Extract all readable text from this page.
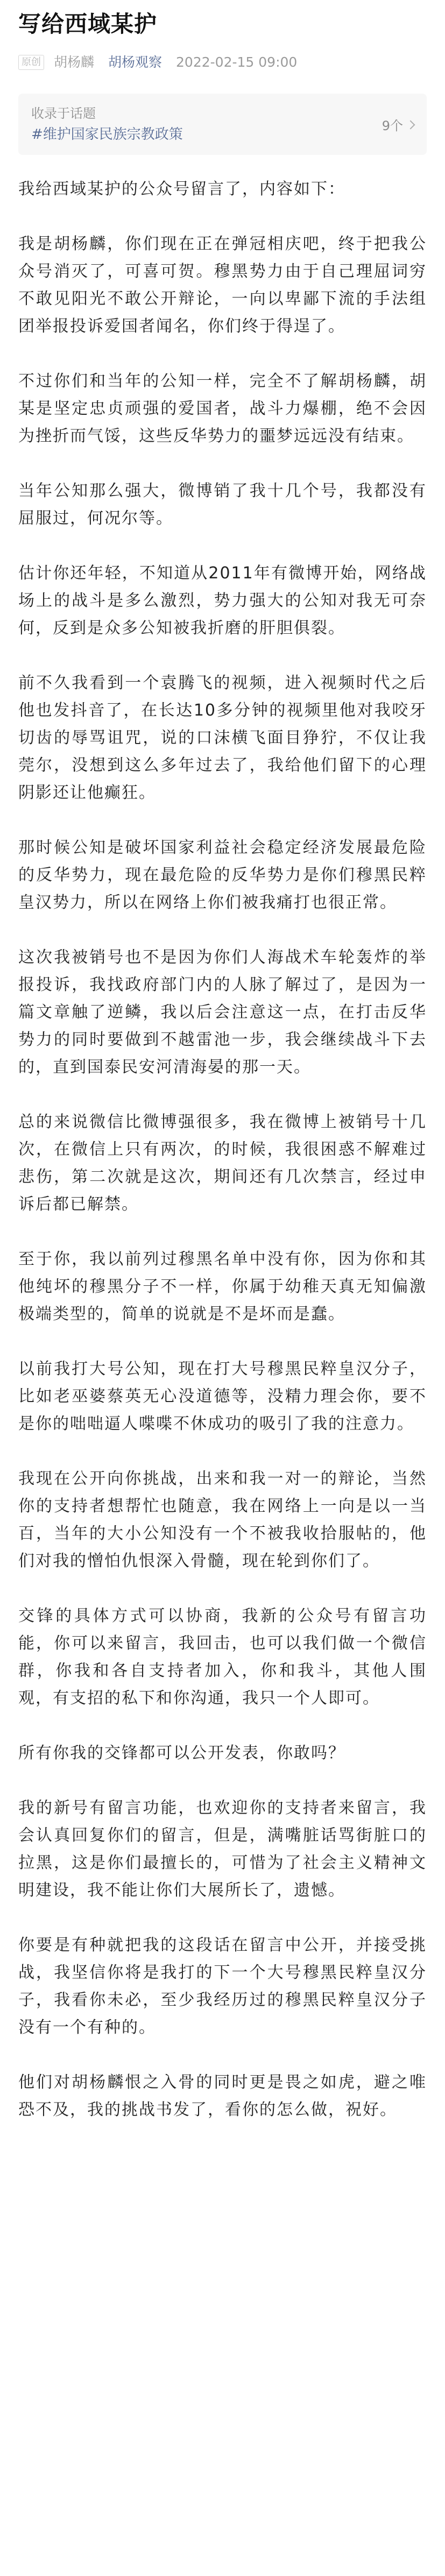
写给西域某护
原创 胡杨麟 胡杨观察 2022-02-15 09:00
收录于话题
#维护国家民族宗教政策
9个

我给西域某护的公众号留言了，内容如下：

我是胡杨麟，你们现在正在弹冠相庆吧，终于把我公众号消灭了，可喜可贺。穆黑势力由于自己理屈词穷不敢见阳光不敢公开辩论，一向以卑鄙下流的手法组团举报投诉爱国者闻名，你们终于得逞了。

不过你们和当年的公知一样，完全不了解胡杨麟，胡某是坚定忠贞顽强的爱国者，战斗力爆棚，绝不会因为挫折而气馁，这些反华势力的噩梦远远没有结束。

当年公知那么强大，微博销了我十几个号，我都没有屈服过，何况尔等。

估计你还年轻，不知道从2011年有微博开始，网络战场上的战斗是多么激烈，势力强大的公知对我无可奈何，反到是众多公知被我折磨的肝胆俱裂。

前不久我看到一个袁腾飞的视频，进入视频时代之后他也发抖音了，在长达10多分钟的视频里他对我咬牙切齿的辱骂诅咒，说的口沫横飞面目狰狞，不仅让我莞尔，没想到这么多年过去了，我给他们留下的心理阴影还让他癫狂。

那时候公知是破坏国家利益社会稳定经济发展最危险的反华势力，现在最危险的反华势力是你们穆黑民粹皇汉势力，所以在网络上你们被我痛打也很正常。

这次我被销号也不是因为你们人海战术车轮轰炸的举报投诉，我找政府部门内的人脉了解过了，是因为一篇文章触了逆鳞，我以后会注意这一点，在打击反华势力的同时要做到不越雷池一步，我会继续战斗下去的，直到国泰民安河清海晏的那一天。

总的来说微信比微博强很多，我在微博上被销号十几次，在微信上只有两次，的时候，我很困惑不解难过悲伤，第二次就是这次，期间还有几次禁言，经过申诉后都已解禁。

至于你，我以前列过穆黑名单中没有你，因为你和其他纯坏的穆黑分子不一样，你属于幼稚天真无知偏激极端类型的，简单的说就是不是坏而是蠢。

以前我打大号公知，现在打大号穆黑民粹皇汉分子，比如老巫婆蔡英无心没道德等，没精力理会你，要不是你的咄咄逼人喋喋不休成功的吸引了我的注意力。

我现在公开向你挑战，出来和我一对一的辩论，当然你的支持者想帮忙也随意，我在网络上一向是以一当百，当年的大小公知没有一个不被我收拾服帖的，他们对我的憎怕仇恨深入骨髓，现在轮到你们了。

交锋的具体方式可以协商，我新的公众号有留言功能，你可以来留言，我回击，也可以我们做一个微信群，你我和各自支持者加入，你和我斗，其他人围观，有支招的私下和你沟通，我只一个人即可。

所有你我的交锋都可以公开发表，你敢吗？

我的新号有留言功能，也欢迎你的支持者来留言，我会认真回复你们的留言，但是，满嘴脏话骂街脏口的拉黑，这是你们最擅长的，可惜为了社会主义精神文明建设，我不能让你们大展所长了，遗憾。

你要是有种就把我的这段话在留言中公开，并接受挑战，我坚信你将是我打的下一个大号穆黑民粹皇汉分子，我看你未必，至少我经历过的穆黑民粹皇汉分子没有一个有种的。

他们对胡杨麟恨之入骨的同时更是畏之如虎，避之唯恐不及，我的挑战书发了，看你的怎么做，祝好。
